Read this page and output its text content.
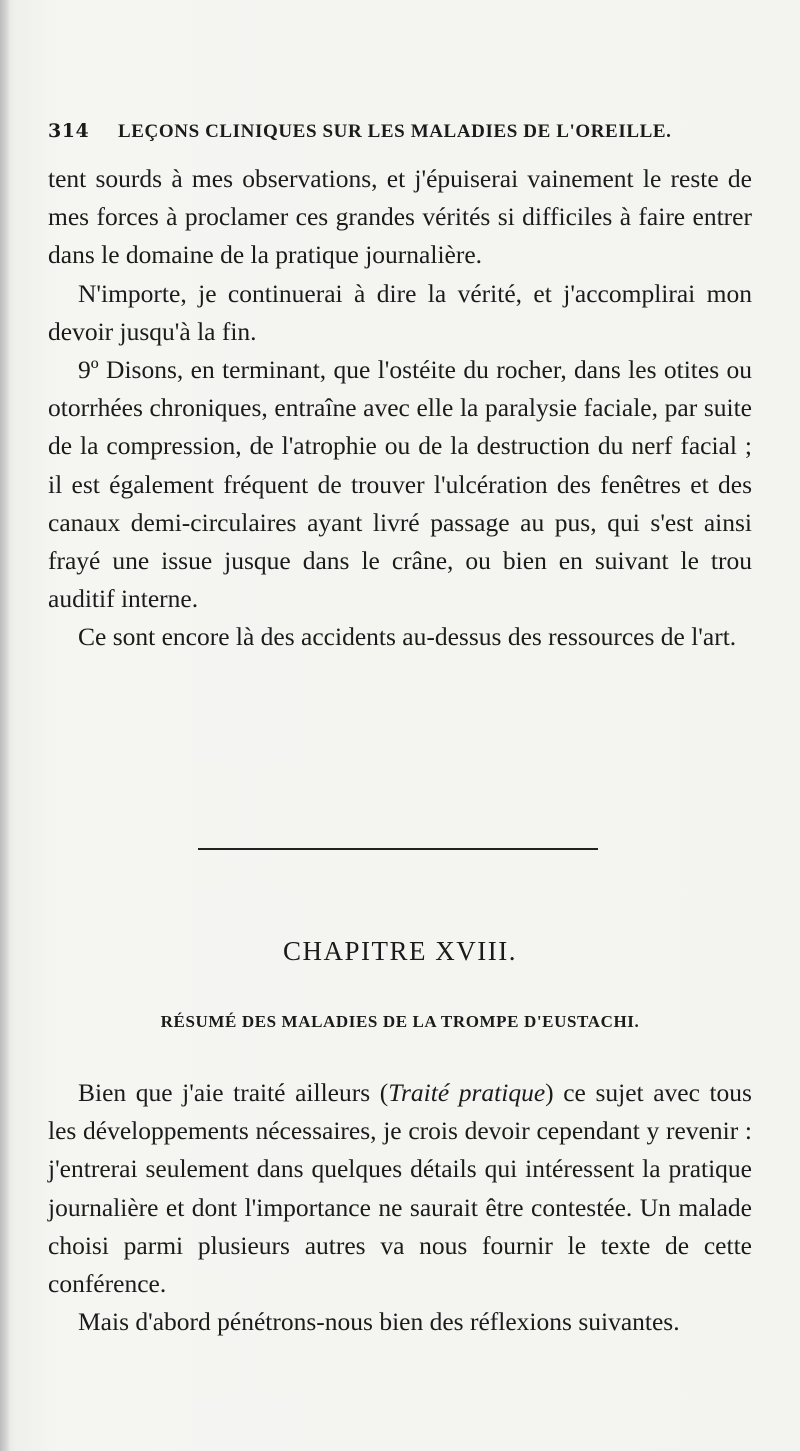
314 LEÇONS CLINIQUES SUR LES MALADIES DE L'OREILLE.

tent sourds à mes observations, et j'épuiserai vainement le reste de mes forces à proclamer ces grandes vérités si difficiles à faire entrer dans le domaine de la pratique journalière.

N'importe, je continuerai à dire la vérité, et j'accomplirai mon devoir jusqu'à la fin.

9º Disons, en terminant, que l'ostéite du rocher, dans les otites ou otorrhées chroniques, entraîne avec elle la paralysie faciale, par suite de la compression, de l'atrophie ou de la destruction du nerf facial ; il est également fréquent de trouver l'ulcération des fenêtres et des canaux demi-circulaires ayant livré passage au pus, qui s'est ainsi frayé une issue jusque dans le crâne, ou bien en suivant le trou auditif interne.

Ce sont encore là des accidents au-dessus des ressources de l'art.

CHAPITRE XVIII.
RÉSUMÉ DES MALADIES DE LA TROMPE D'EUSTACHI.

Bien que j'aie traité ailleurs (Traité pratique) ce sujet avec tous les développements nécessaires, je crois devoir cependant y revenir : j'entrerai seulement dans quelques détails qui intéressent la pratique journalière et dont l'importance ne saurait être contestée. Un malade choisi parmi plusieurs autres va nous fournir le texte de cette conférence.

Mais d'abord pénétrons-nous bien des réflexions suivantes.
